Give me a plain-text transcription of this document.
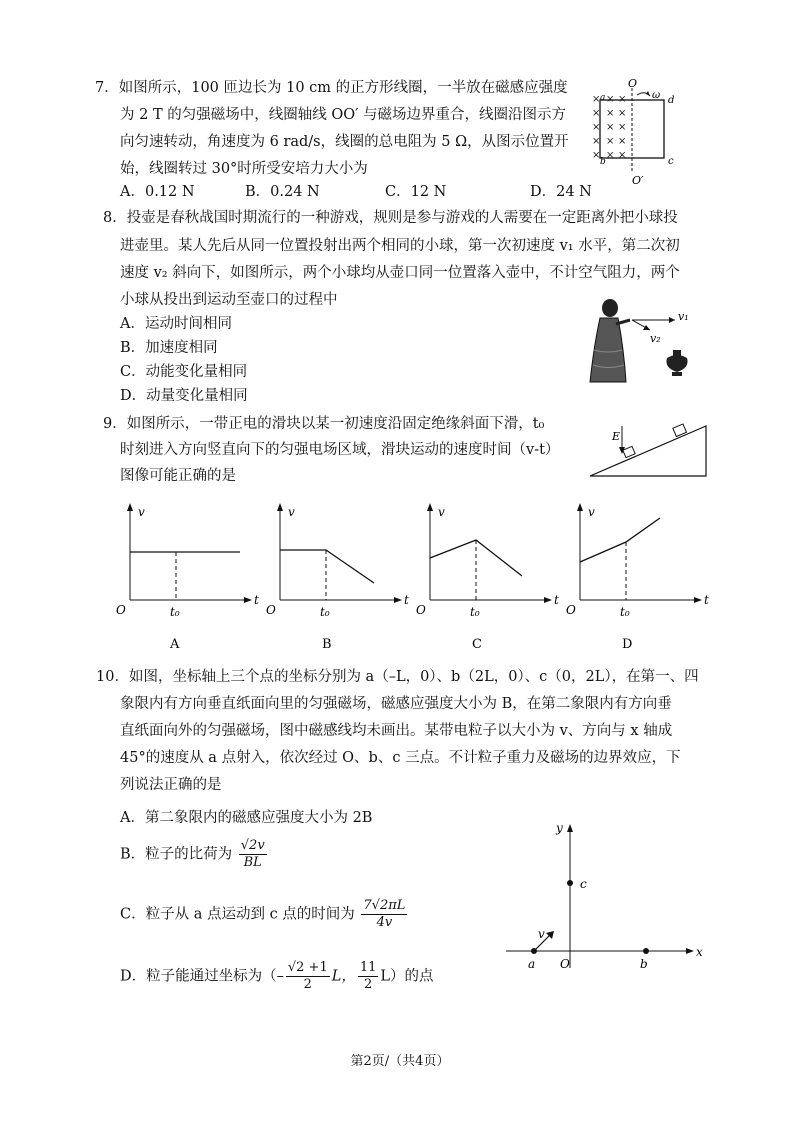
7．如图所示，100 匝边长为 10 cm 的正方形线圈，一半放在磁感应强度
为 2 T 的匀强磁场中，线圈轴线 OO′ 与磁场边界重合，线圈沿图示方
向匀速转动，角速度为 6 rad/s，线圈的总电阻为 5 Ω，从图示位置开
始，线圈转过 30°时所受安培力大小为
A．0.12 N	B．0.24 N	C．12 N	D．24 N
× × ×
× × ×
× × ×
× × ×
× × ×
O
ω d
a
b	c
O′
8．投壶是春秋战国时期流行的一种游戏，规则是参与游戏的人需要在一定距离外把小球投
进壶里。某人先后从同一位置投射出两个相同的小球，第一次初速度 v₁ 水平，第二次初
速度 v₂ 斜向下，如图所示，两个小球均从壶口同一位置落入壶中，不计空气阻力，两个
小球从投出到运动至壶口的过程中
A．运动时间相同
B．加速度相同
C．动能变化量相同
D．动量变化量相同
v₁
v₂
9．如图所示，一带正电的滑块以某一初速度沿固定绝缘斜面下滑，t₀
时刻进入方向竖直向下的匀强电场区域，滑块运动的速度时间（v-t）
图像可能正确的是
E
v
t
O	t₀
A
v
t
O	t₀
B
v
t
O	t₀
C
v
t
O	t₀
D
10．如图，坐标轴上三个点的坐标分别为 a（–L，0）、b（2L，0）、c（0，2L），在第一、四
象限内有方向垂直纸面向里的匀强磁场，磁感应强度大小为 B，在第二象限内有方向垂
直纸面向外的匀强磁场，图中磁感线均未画出。某带电粒子以大小为 v、方向与 x 轴成
45°的速度从 a 点射入，依次经过 O、b、c 三点。不计粒子重力及磁场的边界效应，下
列说法正确的是
A．第二象限内的磁感应强度大小为 2B
B．粒子的比荷为 $\frac{√2v}{BL}$
C．粒子从 a 点运动到 c 点的时间为 $\frac{7√2\pi L}{4v}$
D．粒子能通过坐标为（– $\frac{√2 +1}{2}$ L， $\frac{11}{2} L$）的点
y
x
O
c
a	b
v
第2页/（共4页）
